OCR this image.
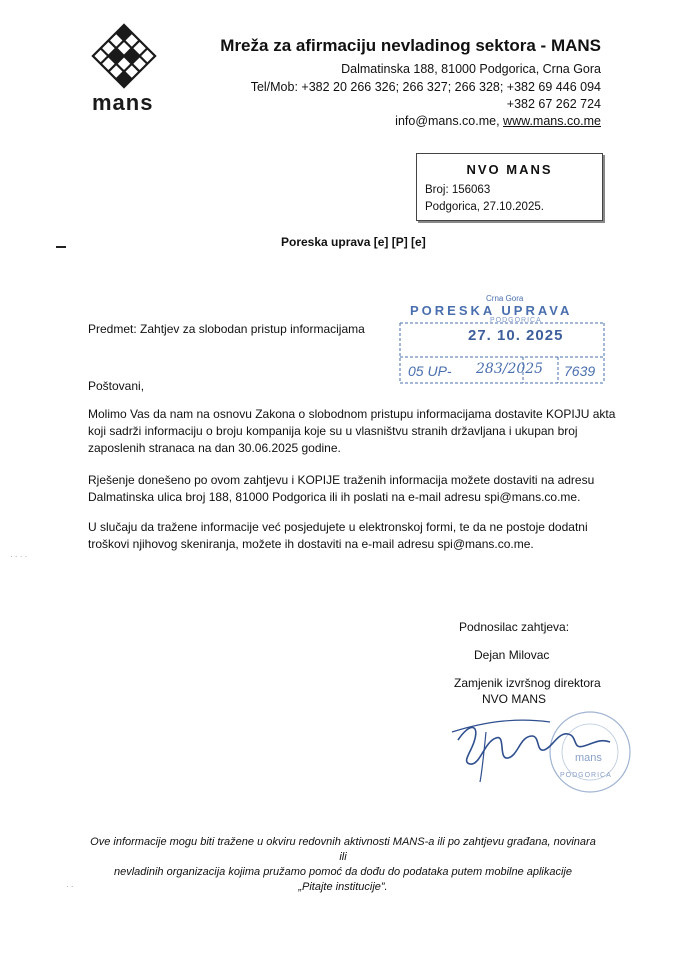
mans
Mreža za afirmaciju nevladinog sektora - MANS
Dalmatinska 188, 81000 Podgorica, Crna Gora
Tel/Mob: +382 20 266 326; 266 327; 266 328; +382 69 446 094
+382 67 262 724
info@mans.co.me, www.mans.co.me
NVO MANS
Broj: 156063
Podgorica, 27.10.2025.
Poreska uprava [e] [P] [e]
Crna Gora
PORESKA UPRAVA
PODGORICA
27. 10. 2025
05 UP- 283/2025 7639
Predmet: Zahtjev za slobodan pristup informacijama
Poštovani,
Molimo Vas da nam na osnovu Zakona o slobodnom pristupu informacijama dostavite KOPIJU akta
koji sadrži informaciju o broju kompanija koje su u vlasništvu stranih državljana i ukupan broj
zaposlenih stranaca na dan 30.06.2025 godine.
Rješenje donešeno po ovom zahtjevu i KOPIJE traženih informacija možete dostaviti na adresu
Dalmatinska ulica broj 188, 81000 Podgorica ili ih poslati na e-mail adresu spi@mans.co.me.
U slučaju da tražene informacije već posjedujete u elektronskoj formi, te da ne postoje dodatni
troškovi njihovog skeniranja, možete ih dostaviti na e-mail adresu spi@mans.co.me.
Podnosilac zahtjeva:
Dejan Milovac
Zamjenik izvršnog direktora
NVO MANS
mans
PODGORICA
· · · ·
· ·
Ove informacije mogu biti tražene u okviru redovnih aktivnosti MANS-a ili po zahtjevu građana, novinara ili
nevladinih organizacija kojima pružamo pomoć da dođu do podataka putem mobilne aplikacije
„Pitajte institucije”.
